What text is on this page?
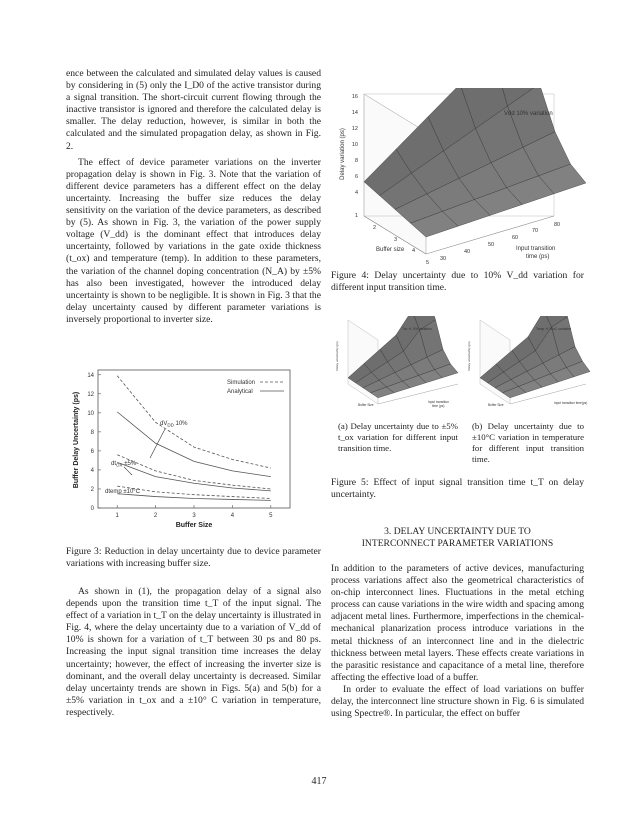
ence between the calculated and simulated delay values is caused by considering in (5) only the I_D0 of the active transistor during a signal transition. The short-circuit current flowing through the inactive transistor is ignored and therefore the calculated delay is smaller. The delay reduction, however, is similar in both the calculated and the simulated propagation delay, as shown in Fig. 2.

The effect of device parameter variations on the inverter propagation delay is shown in Fig. 3. Note that the variation of different device parameters has a different effect on the delay uncertainty. Increasing the buffer size reduces the delay sensitivity on the variation of the device parameters, as described by (5). As shown in Fig. 3, the variation of the power supply voltage (V_dd) is the dominant effect that introduces delay uncertainty, followed by variations in the gate oxide thickness (t_ox) and temperature (temp). In addition to these parameters, the variation of the channel doping concentration (N_A) by ±5% has also been investigated, however the introduced delay uncertainty is shown to be negligible. It is shown in Fig. 3 that the delay uncertainty caused by different parameter variations is inversely proportional to inverter size.

0
2
4
6
8
10
12
14
1	2	3	4	5
Simulation
Analytical
$dV_{DD}$ 10%
$dt_{OX} \pm 5\%$
dtemp ±10°C
Buffer Size
Buffer Delay Uncertainty (ps)
Figure 3: Reduction in delay uncertainty due to device parameter variations with increasing buffer size.

As shown in (1), the propagation delay of a signal also depends upon the transition time t_T of the input signal. The effect of a variation in t_T on the delay uncertainty is illustrated in Fig. 4, where the delay uncertainty due to a variation of V_dd of 10% is shown for a variation of t_T between 30 ps and 80 ps. Increasing the input signal transition time increases the delay uncertainty; however, the effect of increasing the inverter size is dominant, and the overall delay uncertainty is decreased. Similar delay uncertainty trends are shown in Figs. 5(a) and 5(b) for a ±5% variation in t_ox and a ±10° C variation in temperature, respectively.

16
14
12
10
8
6
4
1
Vdd 10% variation
Delay variation (ps)
2
3
4
5
Buffer size
30
40
50
60
70
80
Input transition
time (ps)
Figure 4: Delay uncertainty due to 10% V_dd variation for different input transition time.
Tox +/- 5% variation
Delay uncertainty (ps)
Buffer Size
Input transition
time (ps)
(a) Delay uncertainty due to ±5% t_ox variation for different input transition time.
Temp +/-10oC variation
Delay uncertainty (ps)
Buffer Size	Input transition time(ps)
(b) Delay uncertainty due to ±10°C variation in temperature for different input transition time.
Figure 5: Effect of input signal transition time t_T on delay uncertainty.

3. DELAY UNCERTAINTY DUE TO

INTERCONNECT PARAMETER VARIATIONS

In addition to the parameters of active devices, manufacturing process variations affect also the geometrical characteristics of on-chip interconnect lines. Fluctuations in the metal etching process can cause variations in the wire width and spacing among adjacent metal lines. Furthermore, imperfections in the chemical-mechanical planarization process introduce variations in the metal thickness of an interconnect line and in the dielectric thickness between metal layers. These effects create variations in the parasitic resistance and capacitance of a metal line, therefore affecting the effective load of a buffer.

In order to evaluate the effect of load variations on buffer delay, the interconnect line structure shown in Fig. 6 is simulated using Spectre®. In particular, the effect on buffer

417
